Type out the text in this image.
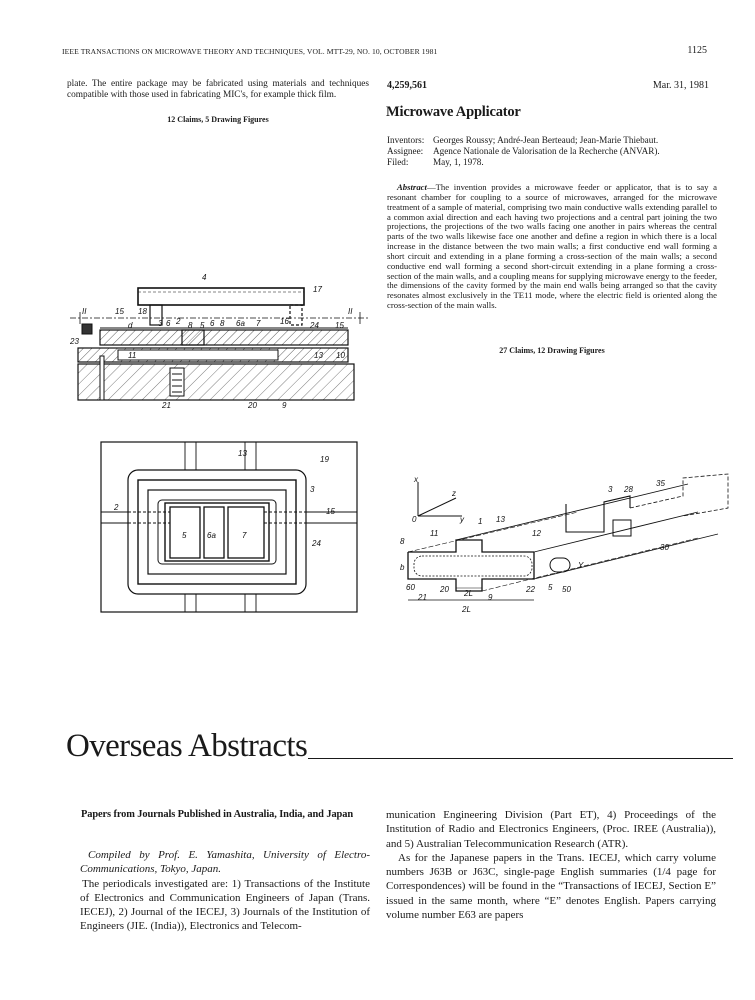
IEEE TRANSACTIONS ON MICROWAVE THEORY AND TECHNIQUES, VOL. MTT-29, NO. 10, OCTOBER 1981	1125
plate. The entire package may be fabricated using materials and techniques compatible with those used in fabricating MIC's, for example thick film.
12 Claims, 5 Drawing Figures
4
17
II	II
15 18
d	3 6 2 8 5 6 8 6a 7 16	24 15
23
11	13 10
21	20	9
13
19
2
5	6a	7
3
15
24
4,259,561	Mar. 31, 1981
Microwave Applicator
Inventors: Georges Roussy; André-Jean Berteaud; Jean-Marie Thiebaut.
Assignee:	Agence Nationale de Valorisation de la Recherche (ANVAR).
Filed:	May, 1, 1978.
Abstract—The invention provides a microwave feeder or applicator, that is to say a resonant chamber for coupling to a source of microwaves, arranged for the microwave treatment of a sample of material, comprising two main conductive walls extending parallel to a common axial direction and each having two projections and a central part joining the two projections, the projections of the two walls facing one another in pairs whereas the central parts of the two walls likewise face one another and define a region in which there is a local increase in the distance between the two main walls; a first conductive end wall forming a short circuit and extending in a plane forming a cross-section of the main walls; a second conductive end wall forming a second short-circuit extending in a plane forming a cross-section of the main walls, and a coupling means for supplying microwave energy to the feeder, the dimensions of the cavity formed by the main end walls being arranged so that the cavity resonates almost exclusively in the TE11 mode, where the electric field is oriented along the cross-section of the main walls.
27 Claims, 12 Drawing Figures
x
z
0	y 1 13
11	12
8
b
60
21
20	22 5 50
Y
3 28
35
30
9
2L
2L
Overseas Abstracts
Papers from Journals Published in Australia, India, and Japan
Compiled by Prof. E. Yamashita, University of Electro-Communications, Tokyo, Japan.
The periodicals investigated are: 1) Transactions of the Institute of Electronics and Communication Engineers of Japan (Trans. IECEJ), 2) Journal of the IECEJ, 3) Journals of the Institution of Engineers (JIE. (India)), Electronics and Telecom-
munication Engineering Division (Part ET), 4) Proceedings of the Institution of Radio and Electronics Engineers, (Proc. IREE (Australia)), and 5) Australian Telecommunication Research (ATR).
As for the Japanese papers in the Trans. IECEJ, which carry volume numbers J63B or J63C, single-page English summaries (1/4 page for Correspondences) will be found in the “Transactions of IECEJ, Section E” issued in the same month, where “E” denotes English. Papers carrying volume number E63 are papers
